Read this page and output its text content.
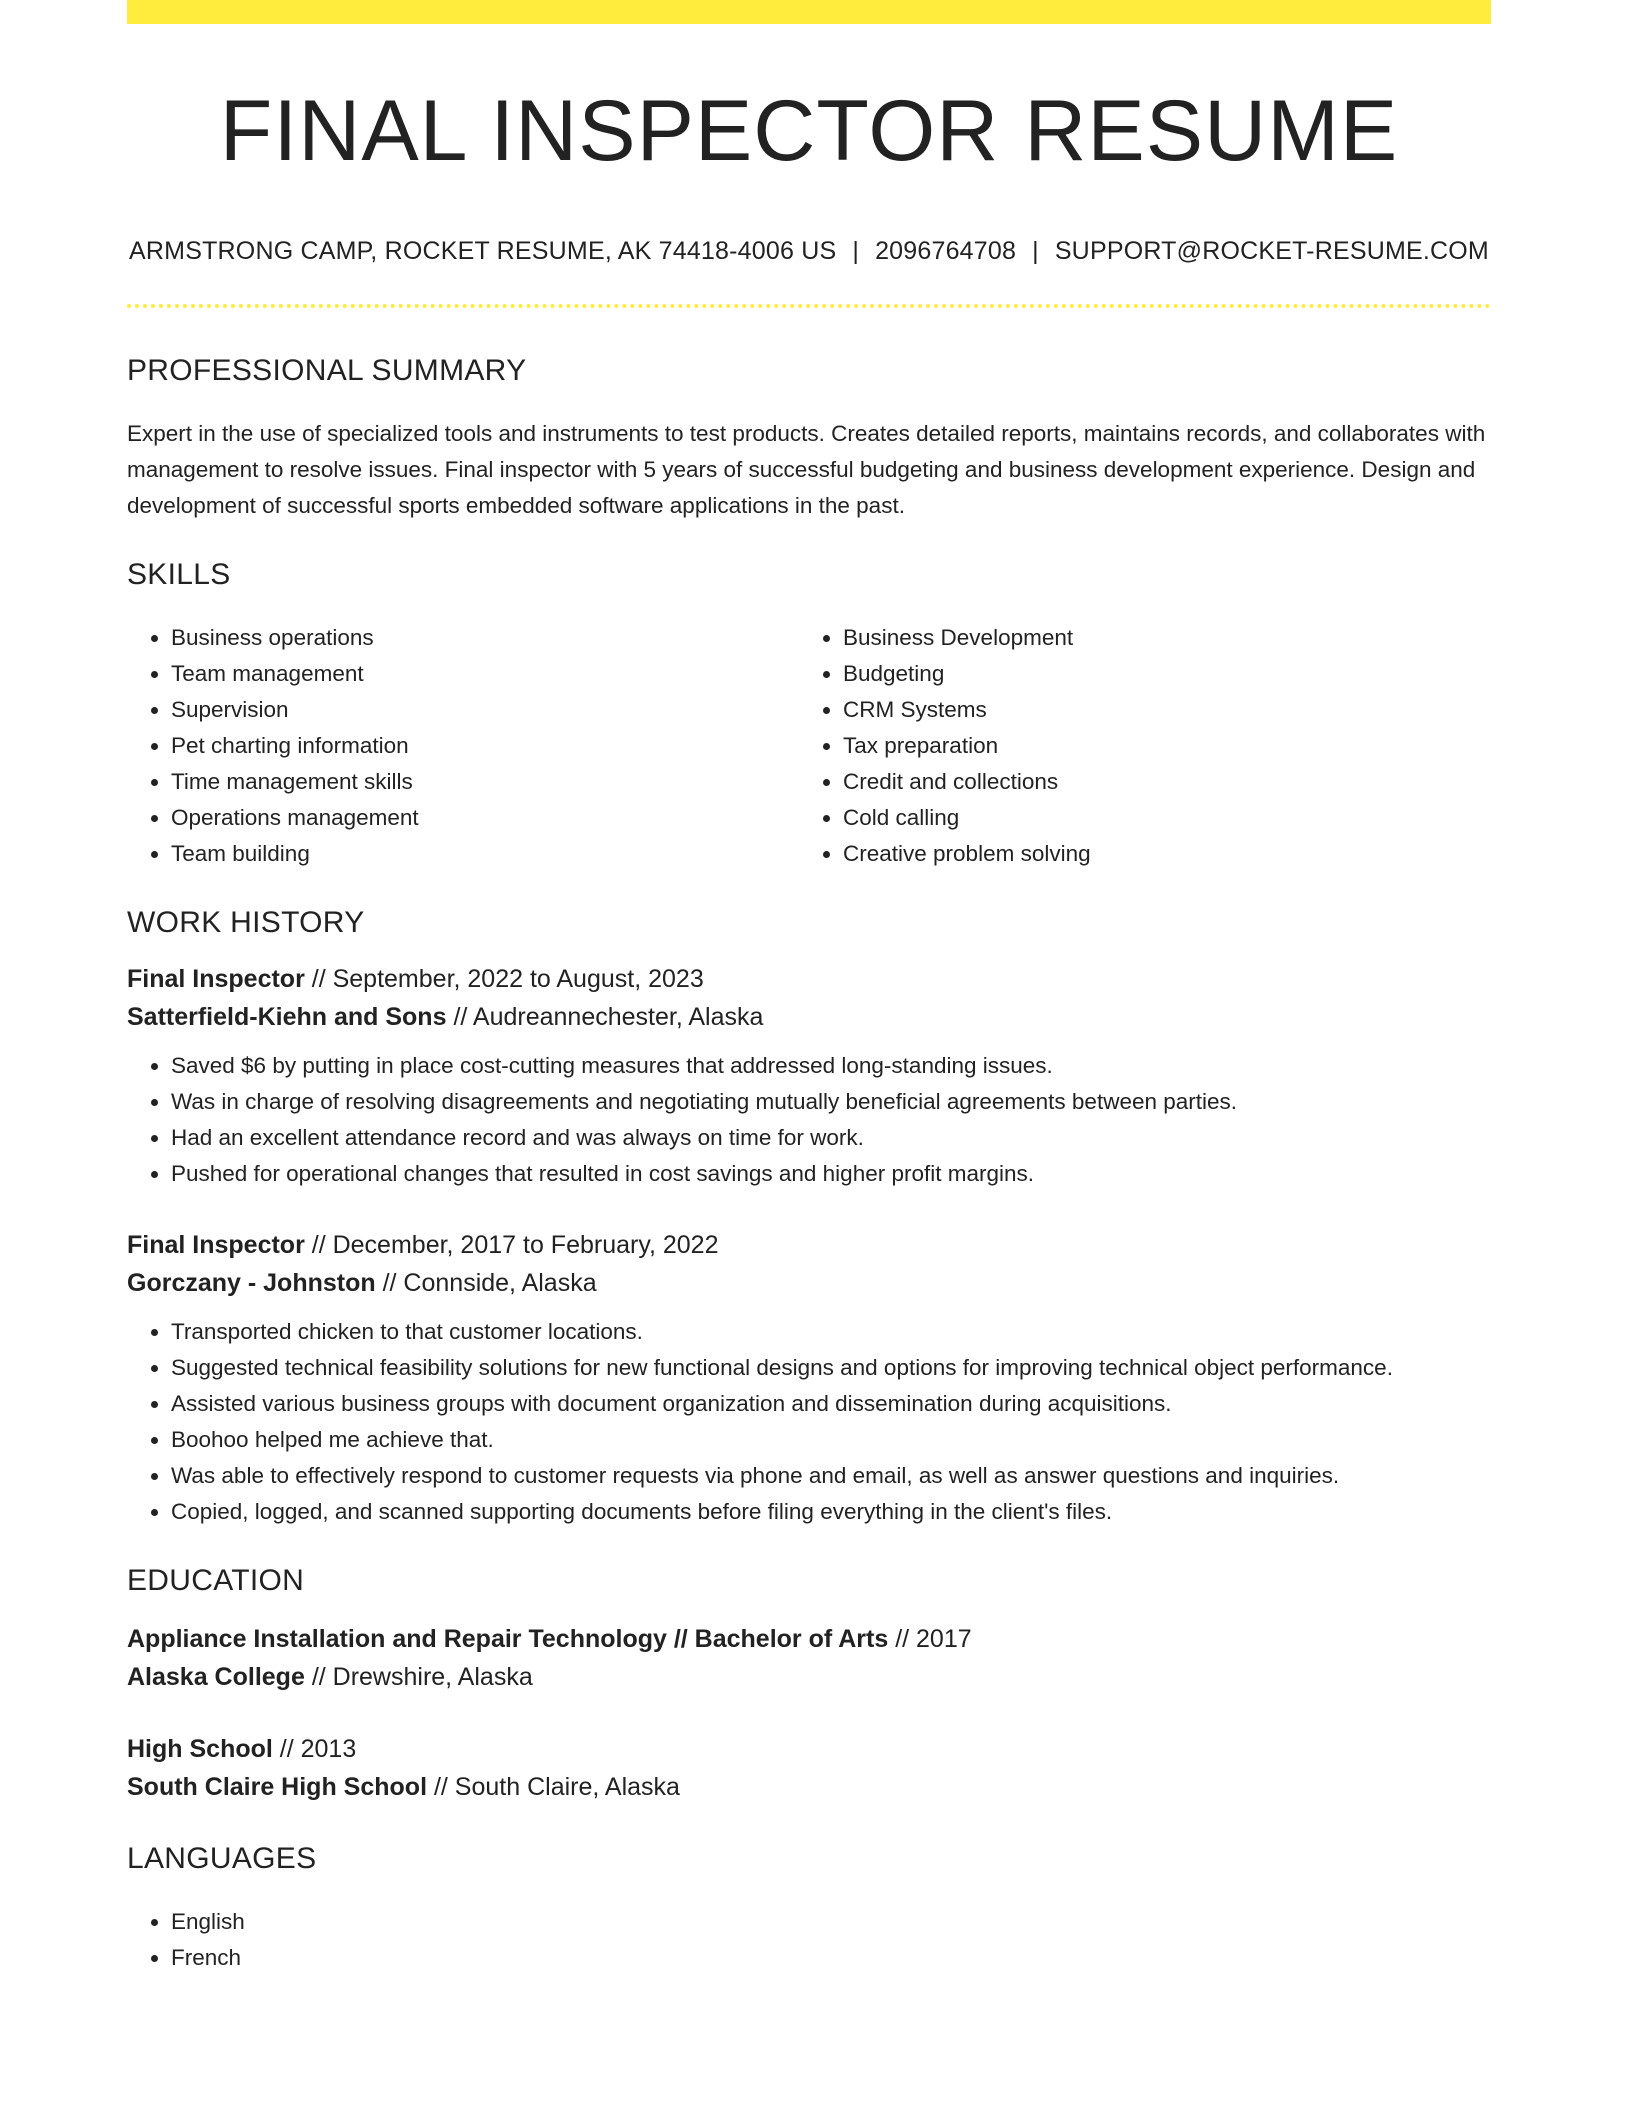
FINAL INSPECTOR RESUME
ARMSTRONG CAMP, ROCKET RESUME, AK 74418-4006 US | 2096764708 | SUPPORT@ROCKET-RESUME.COM
PROFESSIONAL SUMMARY
Expert in the use of specialized tools and instruments to test products. Creates detailed reports, maintains records, and collaborates with management to resolve issues. Final inspector with 5 years of successful budgeting and business development experience. Design and development of successful sports embedded software applications in the past.
SKILLS
• Business operations
• Team management
• Supervision
• Pet charting information
• Time management skills
• Operations management
• Team building
• Business Development
• Budgeting
• CRM Systems
• Tax preparation
• Credit and collections
• Cold calling
• Creative problem solving
WORK HISTORY
Final Inspector // September, 2022 to August, 2023
Satterfield-Kiehn and Sons // Audreannechester, Alaska
• Saved $6 by putting in place cost-cutting measures that addressed long-standing issues.
• Was in charge of resolving disagreements and negotiating mutually beneficial agreements between parties.
• Had an excellent attendance record and was always on time for work.
• Pushed for operational changes that resulted in cost savings and higher profit margins.
Final Inspector // December, 2017 to February, 2022
Gorczany - Johnston // Connside, Alaska
• Transported chicken to that customer locations.
• Suggested technical feasibility solutions for new functional designs and options for improving technical object performance.
• Assisted various business groups with document organization and dissemination during acquisitions.
• Boohoo helped me achieve that.
• Was able to effectively respond to customer requests via phone and email, as well as answer questions and inquiries.
• Copied, logged, and scanned supporting documents before filing everything in the client's files.
EDUCATION
Appliance Installation and Repair Technology // Bachelor of Arts // 2017
Alaska College // Drewshire, Alaska
High School // 2013
South Claire High School // South Claire, Alaska
LANGUAGES
• English
• French
